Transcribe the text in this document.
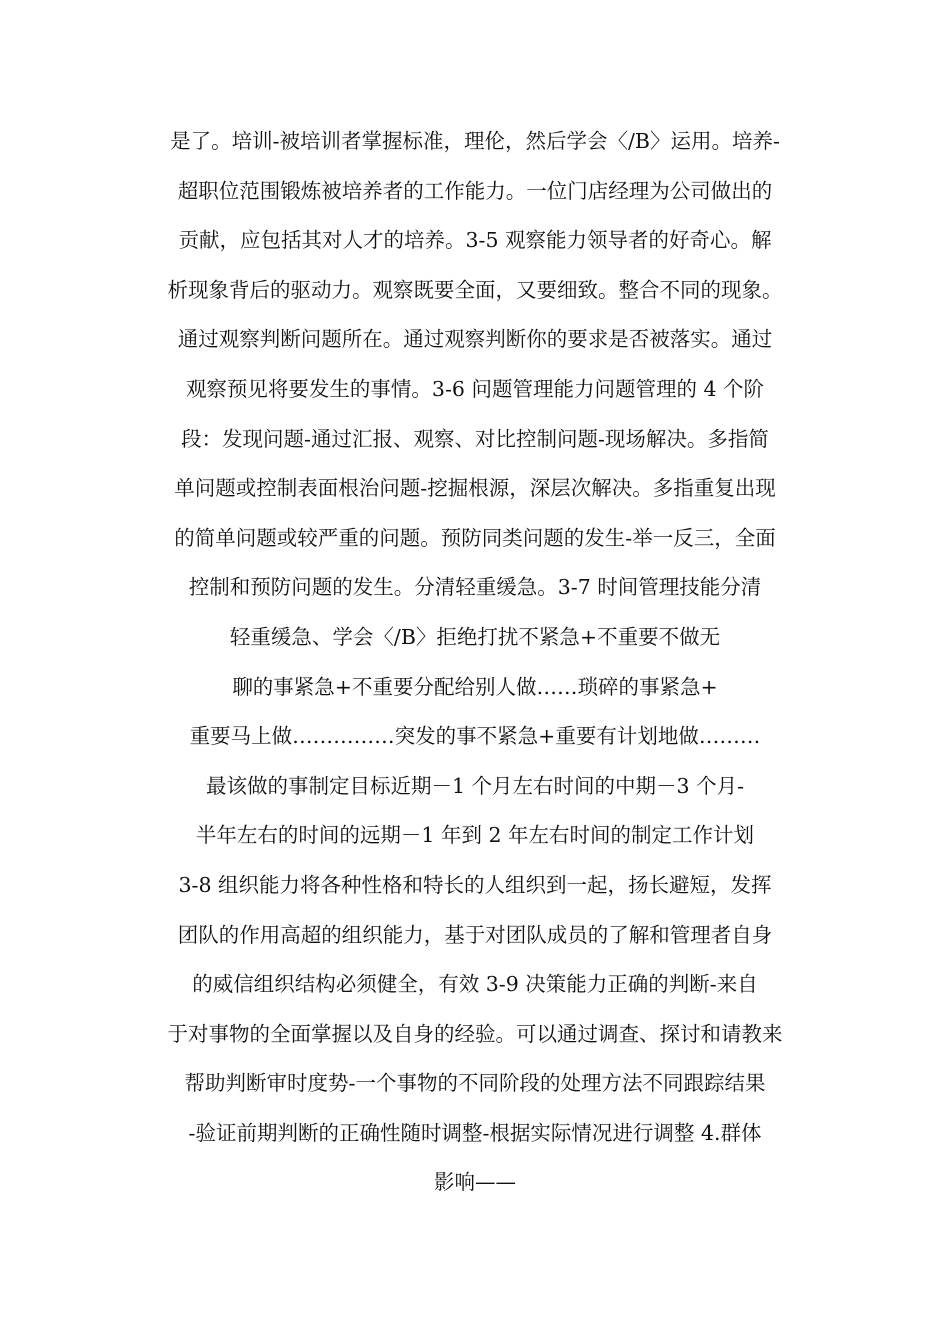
是了。培训-被培训者掌握标准，理伦，然后学会〈/B〉运用。培养-
超职位范围锻炼被培养者的工作能力。一位门店经理为公司做出的
贡献，应包括其对人才的培养。3-5 观察能力领导者的好奇心。解
析现象背后的驱动力。观察既要全面，又要细致。整合不同的现象。
通过观察判断问题所在。通过观察判断你的要求是否被落实。通过
观察预见将要发生的事情。3-6 问题管理能力问题管理的 4 个阶
段：发现问题-通过汇报、观察、对比控制问题-现场解决。多指简
单问题或控制表面根治问题-挖掘根源，深层次解决。多指重复出现
的简单问题或较严重的问题。预防同类问题的发生-举一反三，全面
控制和预防问题的发生。分清轻重缓急。3-7 时间管理技能分清
轻重缓急、学会〈/B〉拒绝打扰不紧急+不重要不做无
聊的事紧急+不重要分配给别人做……琐碎的事紧急+
重要马上做……………突发的事不紧急+重要有计划地做………
最该做的事制定目标近期－1 个月左右时间的中期－3 个月-
半年左右的时间的远期－1 年到 2 年左右时间的制定工作计划
3-8 组织能力将各种性格和特长的人组织到一起，扬长避短，发挥
团队的作用高超的组织能力，基于对团队成员的了解和管理者自身
的威信组织结构必须健全，有效 3-9 决策能力正确的判断-来自
于对事物的全面掌握以及自身的经验。可以通过调查、探讨和请教来
帮助判断审时度势-一个事物的不同阶段的处理方法不同跟踪结果
-验证前期判断的正确性随时调整-根据实际情况进行调整 4.群体
影响——
